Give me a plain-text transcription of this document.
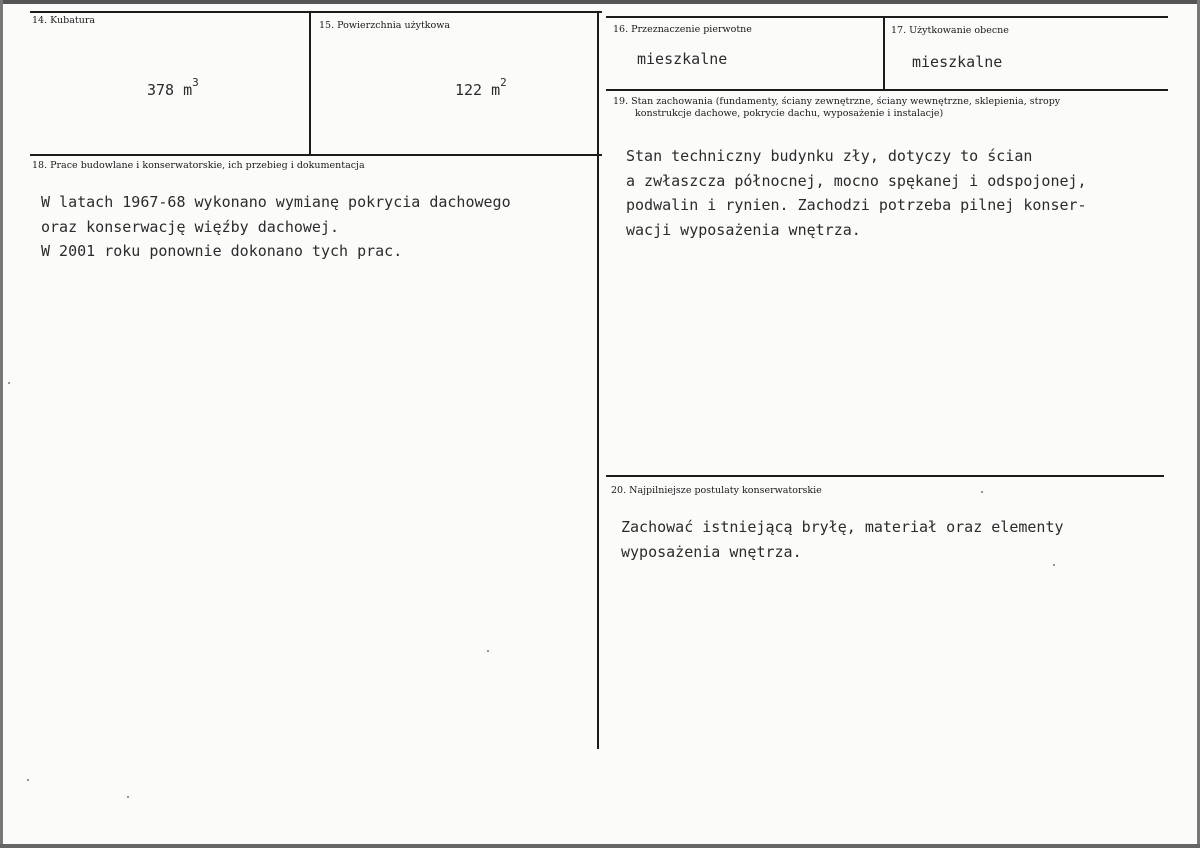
14. Kubatura
378 $m^3$
15. Powierzchnia użytkowa
122 $m^2$
16. Przeznaczenie pierwotne
mieszkalne
17. Użytkowanie obecne
mieszkalne
19. Stan zachowania (fundamenty, ściany zewnętrzne, ściany wewnętrzne, sklepienia, stropy
konstrukcje dachowe, pokrycie dachu, wyposażenie i instalacje)
Stan techniczny budynku zły, dotyczy to ścian
a zwłaszcza północnej, mocno spękanej i odspojonej,
podwalin i rynien. Zachodzi potrzeba pilnej konser-
wacji wyposażenia wnętrza.
18. Prace budowlane i konserwatorskie, ich przebieg i dokumentacja
W latach 1967-68 wykonano wymianę pokrycia dachowego
oraz konserwację więźby dachowej.
W 2001 roku ponownie dokonano tych prac.
20. Najpilniejsze postulaty konserwatorskie
Zachować istniejącą bryłę, materiał oraz elementy
wyposażenia wnętrza.
